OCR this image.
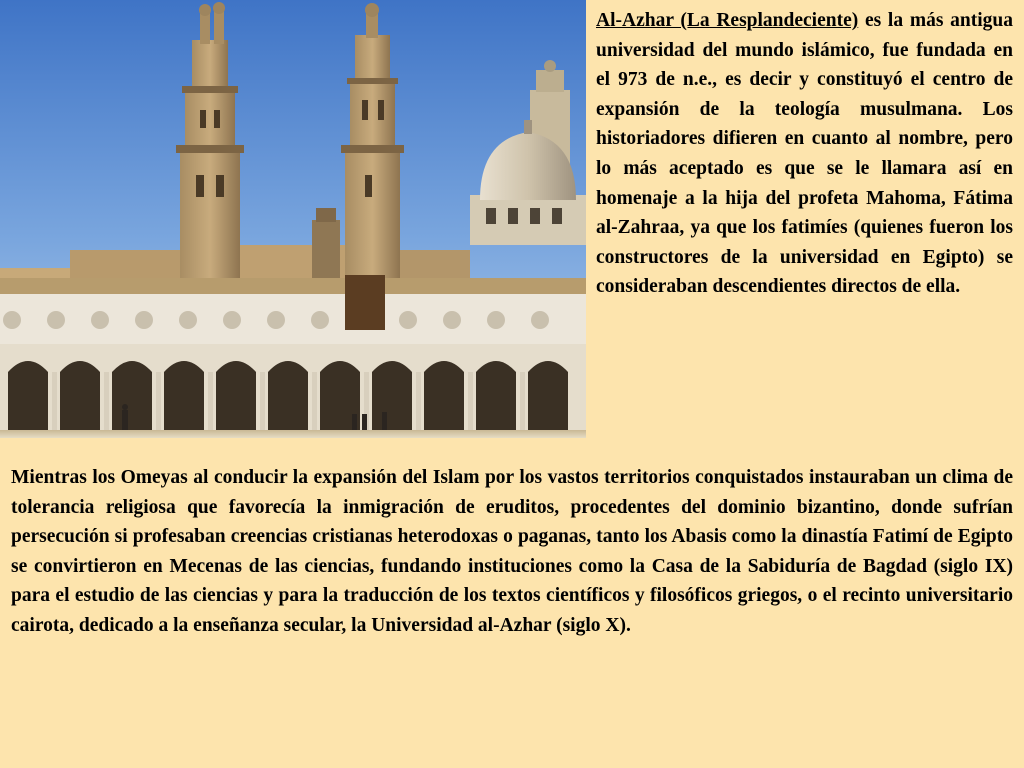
Al-Azhar (La Resplandeciente) es la más antigua universidad del mundo islámico, fue fundada en el 973 de n.e., es decir y constituyó el centro de expansión de la teología musulmana. Los historiadores difieren en cuanto al nombre, pero lo más aceptado es que se le llamara así en homenaje a la hija del profeta Mahoma, Fátima al-Zahraa, ya que los fatimíes (quienes fueron los constructores de la universidad en Egipto) se consideraban descendientes directos de ella.

Mientras los Omeyas al conducir la expansión del Islam por los vastos territorios conquistados instauraban un clima de tolerancia religiosa que favorecía la inmigración de eruditos, procedentes del dominio bizantino, donde sufrían persecución si profesaban creencias cristianas heterodoxas o paganas, tanto los Abasis como la dinastía Fatimí de Egipto se convirtieron en Mecenas de las ciencias, fundando instituciones como la Casa de la Sabiduría de Bagdad (siglo IX) para el estudio de las ciencias y para la traducción de los textos científicos y filosóficos griegos, o el recinto universitario cairota, dedicado a la enseñanza secular, la Universidad al-Azhar (siglo X).
